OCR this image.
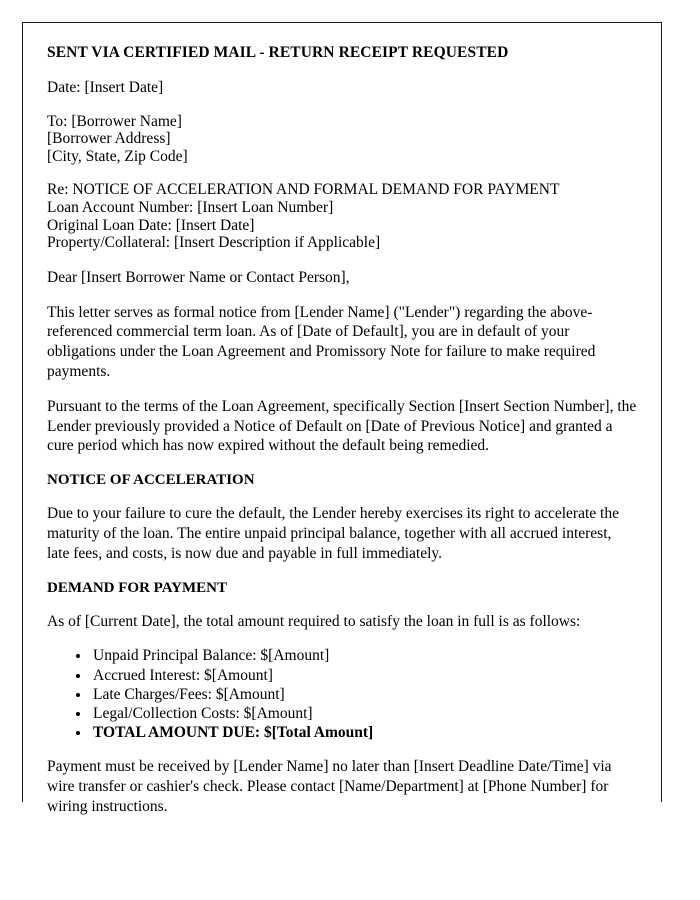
SENT VIA CERTIFIED MAIL - RETURN RECEIPT REQUESTED
Date: [Insert Date]
To: [Borrower Name]
[Borrower Address]
[City, State, Zip Code]
Re: NOTICE OF ACCELERATION AND FORMAL DEMAND FOR PAYMENT
Loan Account Number: [Insert Loan Number]
Original Loan Date: [Insert Date]
Property/Collateral: [Insert Description if Applicable]
Dear [Insert Borrower Name or Contact Person],
This letter serves as formal notice from [Lender Name] ("Lender") regarding the above-referenced commercial term loan. As of [Date of Default], you are in default of your obligations under the Loan Agreement and Promissory Note for failure to make required payments.
Pursuant to the terms of the Loan Agreement, specifically Section [Insert Section Number], the Lender previously provided a Notice of Default on [Date of Previous Notice] and granted a cure period which has now expired without the default being remedied.
NOTICE OF ACCELERATION
Due to your failure to cure the default, the Lender hereby exercises its right to accelerate the maturity of the loan. The entire unpaid principal balance, together with all accrued interest, late fees, and costs, is now due and payable in full immediately.
DEMAND FOR PAYMENT
As of [Current Date], the total amount required to satisfy the loan in full is as follows:
• Unpaid Principal Balance: $[Amount]
• Accrued Interest: $[Amount]
• Late Charges/Fees: $[Amount]
• Legal/Collection Costs: $[Amount]
• TOTAL AMOUNT DUE: $[Total Amount]
Payment must be received by [Lender Name] no later than [Insert Deadline Date/Time] via wire transfer or cashier's check. Please contact [Name/Department] at [Phone Number] for wiring instructions.
